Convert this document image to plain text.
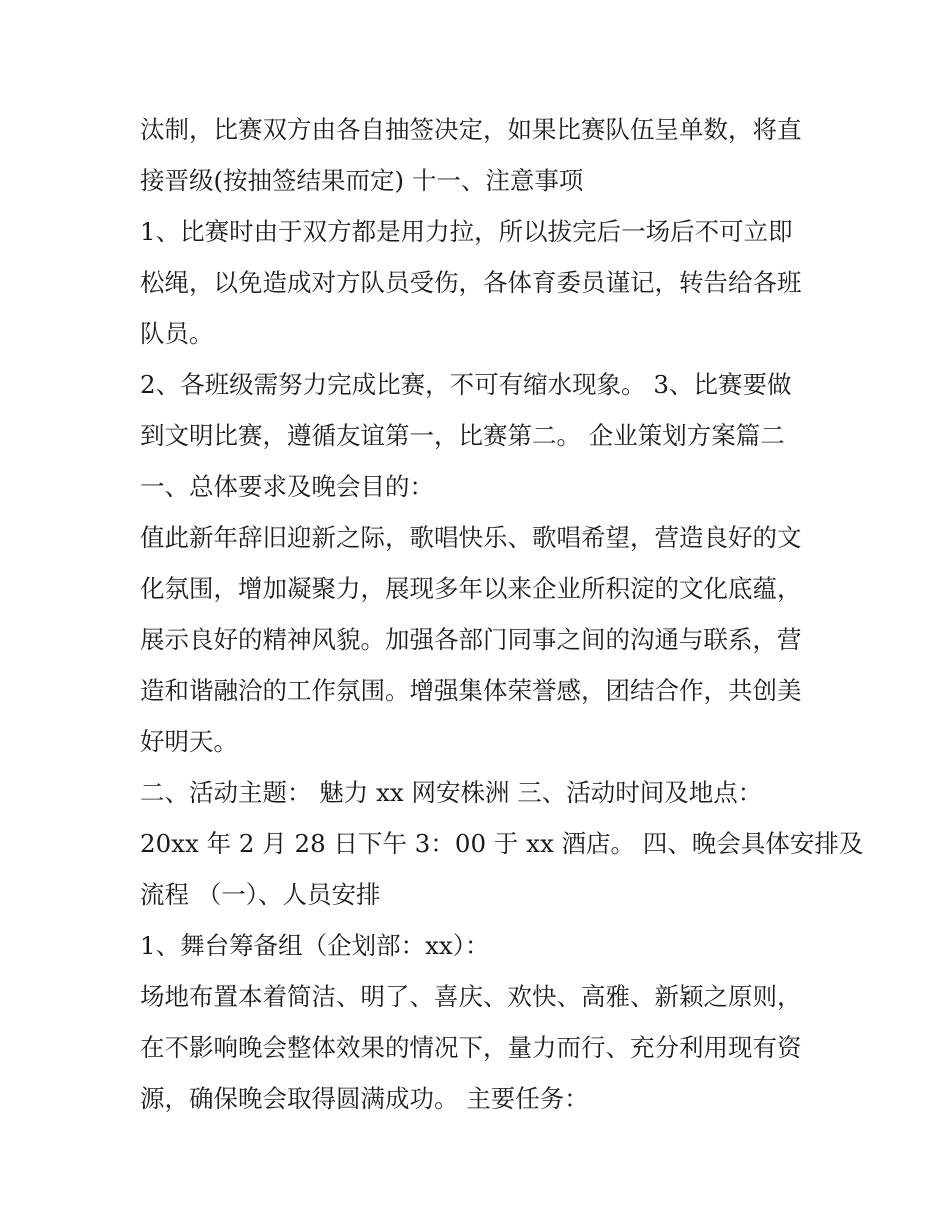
汰制，比赛双方由各自抽签决定，如果比赛队伍呈单数，将直
接晋级(按抽签结果而定) 十一、注意事项
1、比赛时由于双方都是用力拉，所以拔完后一场后不可立即
松绳，以免造成对方队员受伤，各体育委员谨记，转告给各班
队员。
2、各班级需努力完成比赛，不可有缩水现象。 3、比赛要做
到文明比赛，遵循友谊第一，比赛第二。 企业策划方案篇二
一、总体要求及晚会目的：
值此新年辞旧迎新之际，歌唱快乐、歌唱希望，营造良好的文
化氛围，增加凝聚力，展现多年以来企业所积淀的文化底蕴，
展示良好的精神风貌。加强各部门同事之间的沟通与联系，营
造和谐融洽的工作氛围。增强集体荣誉感，团结合作，共创美
好明天。
二、活动主题： 魅力 xx 网安株洲 三、活动时间及地点：
20xx 年 2 月 28 日下午 3：00 于 xx 酒店。 四、晚会具体安排及
流程 （一）、人员安排
1、舞台筹备组（企划部：xx）：
场地布置本着简洁、明了、喜庆、欢快、高雅、新颖之原则，
在不影响晚会整体效果的情况下，量力而行、充分利用现有资
源，确保晚会取得圆满成功。 主要任务：
